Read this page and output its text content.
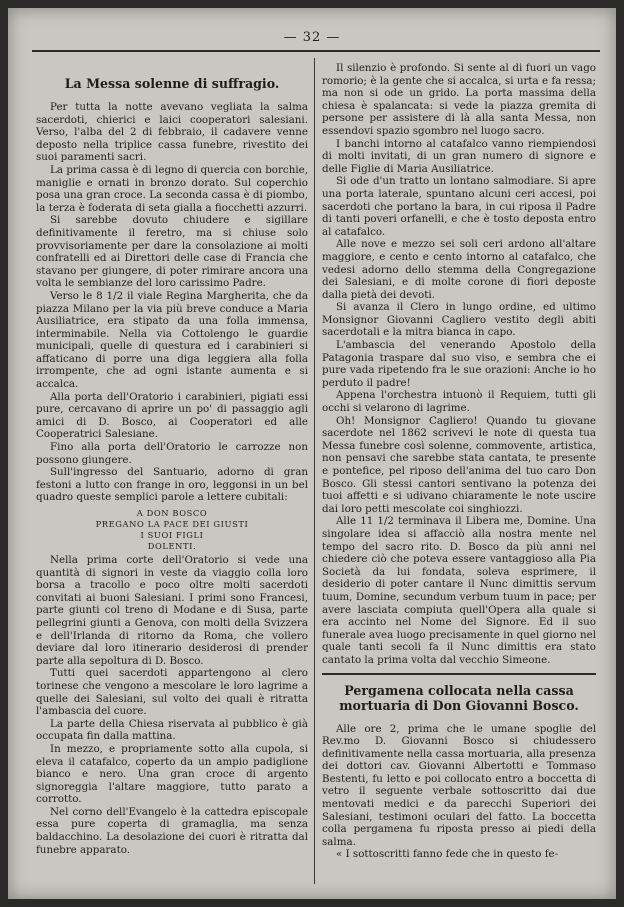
— 32 —
La Messa solenne di suffragio.

Per tutta la notte avevano vegliata la salma sacerdoti, chierici e laici cooperatori salesiani. Verso, l'alba del 2 di febbraio, il cadavere venne deposto nella triplice cassa funebre, rivestito dei suoi paramenti sacri.

La prima cassa è di legno di quercia con borchie, maniglie e ornati in bronzo dorato. Sul coperchio posa una gran croce. La seconda cassa è di piombo, la terza è foderata di seta gialla a fiocchetti azzurri.

Si sarebbe dovuto chiudere e sigillare definitivamente il feretro, ma si chiuse solo provvisoriamente per dare la consolazione ai molti confratelli ed ai Direttori delle case di Francia che stavano per giungere, di poter rimirare ancora una volta le sembianze del loro carissimo Padre.

Verso le 8 1/2 il viale Regina Margherita, che da piazza Milano per la via più breve conduce a Maria Ausiliatrice, era stipato da una folla immensa, interminabile. Nella via Cottolengo le guardie municipali, quelle di questura ed i carabinieri si affaticano di porre una diga leggiera alla folla irrompente, che ad ogni istante aumenta e si accalca.

Alla porta dell'Oratorio i carabinieri, pigiati essi pure, cercavano di aprire un po' di passaggio agli amici di D. Bosco, ai Cooperatori ed alle Cooperatrici Salesiane.

Fino alla porta dell'Oratorio le carrozze non possono giungere.

Sull'ingresso del Santuario, adorno di gran festoni a lutto con frange in oro, leggonsi in un bel quadro queste semplici parole a lettere cubitali:

A DON BOSCO
PREGANO LA PACE DEI GIUSTI
I SUOI FIGLI
DOLENTI.

Nella prima corte dell'Oratorio si vede una quantità di signori in veste da viaggio colla loro borsa a tracollo e poco oltre molti sacerdoti convitati ai buoni Salesiani. I primi sono Francesi, parte giunti col treno di Modane e di Susa, parte pellegrini giunti a Genova, con molti della Svizzera e dell'Irlanda di ritorno da Roma, che vollero deviare dal loro itinerario desiderosi di prender parte alla sepoltura di D. Bosco.

Tutti quei sacerdoti appartengono al clero torinese che vengono a mescolare le loro lagrime a quelle dei Salesiani, sul volto dei quali è ritratta l'ambascia del cuore.

La parte della Chiesa riservata al pubblico è già occupata fin dalla mattina.

In mezzo, e propriamente sotto alla cupola, si eleva il catafalco, coperto da un ampio padiglione bianco e nero. Una gran croce di argento signoreggia l'altare maggiore, tutto parato a corrotto.

Nel corno dell'Evangelo è la cattedra episcopale essa pure coperta di gramaglia, ma senza baldacchino. La desolazione dei cuori è ritratta dal funebre apparato.

Il silenzio è profondo. Si sente al di fuori un vago romorio; è la gente che si accalca, si urta e fa ressa; ma non si ode un grido. La porta massima della chiesa è spalancata: si vede la piazza gremita di persone per assistere di là alla santa Messa, non essendovi spazio sgombro nel luogo sacro.

I banchi intorno al catafalco vanno riempiendosi di molti invitati, di un gran numero di signore e delle Figlie di Maria Ausiliatrice.

Si ode d'un tratto un lontano salmodiare. Si apre una porta laterale, spuntano alcuni ceri accesi, poi sacerdoti che portano la bara, in cui riposa il Padre di tanti poveri orfanelli, e che è tosto deposta entro al catafalco.

Alle nove e mezzo sei soli ceri ardono all'altare maggiore, e cento e cento intorno al catafalco, che vedesi adorno dello stemma della Congregazione dei Salesiani, e di molte corone di fiori deposte dalla pietà dei devoti.

Si avanza il Clero in lungo ordine, ed ultimo Monsignor Giovanni Cagliero vestito degli abiti sacerdotali e la mitra bianca in capo.

L'ambascia del venerando Apostolo della Patagonia traspare dal suo viso, e sembra che ei pure vada ripetendo fra le sue orazioni: Anche io ho perduto il padre!

Appena l'orchestra intuonò il Requiem, tutti gli occhi si velarono di lagrime.

Oh! Monsignor Cagliero! Quando tu giovane sacerdote nel 1862 scrivevi le note di questa tua Messa funebre così solenne, commovente, artistica, non pensavi che sarebbe stata cantata, te presente e pontefice, pel riposo dell'anima del tuo caro Don Bosco. Gli stessi cantori sentivano la potenza dei tuoi affetti e si udivano chiaramente le note uscire dai loro petti mescolate coi singhiozzi.

Alle 11 1/2 terminava il Libera me, Domine. Una singolare idea si affacciò alla nostra mente nel tempo del sacro rito. D. Bosco da più anni nel chiedere ciò che poteva essere vantaggioso alla Pia Società da lui fondata, soleva esprimere, il desiderio di poter cantare il Nunc dimittis servum tuum, Domine, secundum verbum tuum in pace; per avere lasciata compiuta quell'Opera alla quale si era accinto nel Nome del Signore. Ed il suo funerale avea luogo precisamente in quel giorno nel quale tanti secoli fa il Nunc dimittis era stato cantato la prima volta dal vecchio Simeone.

Pergamena collocata nella cassa mortuaria di Don Giovanni Bosco.

Alle ore 2, prima che le umane spoglie del Rev.mo D. Giovanni Bosco si chiudessero definitivamente nella cassa mortuaria, alla presenza dei dottori cav. Giovanni Albertotti e Tommaso Bestenti, fu letto e poi collocato entro a boccetta di vetro il seguente verbale sottoscritto dai due mentovati medici e da parecchi Superiori dei Salesiani, testimoni oculari del fatto. La boccetta colla pergamena fu riposta presso ai piedi della salma.

« I sottoscritti fanno fede che in questo fe-
